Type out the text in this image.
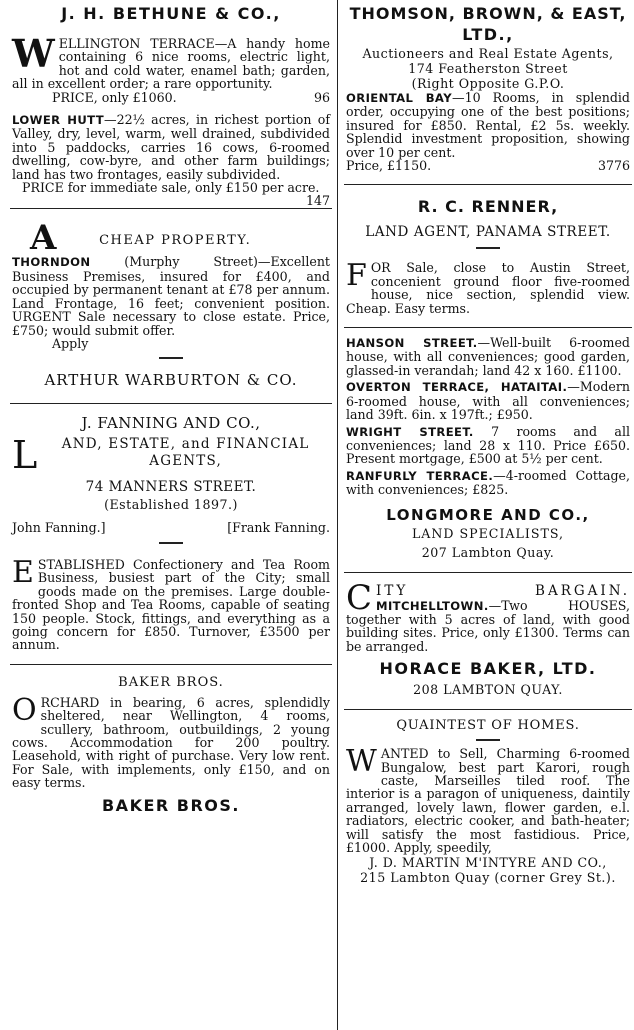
J. H. BETHUNE & CO.,
W ELLINGTON TERRACE—A handy home containing 6 nice rooms, electric light, hot and cold water, enamel bath; garden, all in excellent order; a rare opportunity.

PRICE, only £1060.	96

LOWER HUTT—22½ acres, in richest portion of Valley, dry, level, warm, well drained, subdivided into 5 paddocks, carries 16 cows, 6-roomed dwelling, cow-byre, and other farm buildings; land has two frontages, easily subdivided.

PRICE for immediate sale, only £150 per acre.
147

A	CHEAP PROPERTY.

THORNDON	(Murphy Street)—Excellent Business Premises, insured for £400, and occupied by permanent tenant at £78 per annum. Land Frontage, 16 feet; convenient position. URGENT Sale necessary to close estate. Price, £750; would submit offer.

Apply

ARTHUR WARBURTON & CO.
J. FANNING AND CO.,
L	AND, ESTATE, and FINANCIAL AGENTS,
74 MANNERS STREET.
(Established 1897.)
John Fanning.]	[Frank Fanning.
E STABLISHED Confectionery and Tea Room Business, busiest part of the City; small goods made on the premises. Large double-fronted Shop and Tea Rooms, capable of seating 150 people. Stock, fittings, and everything as a going concern for £850. Turnover, £3500 per annum.

BAKER BROS.
O RCHARD in bearing, 6 acres, splendidly sheltered, near Wellington, 4 rooms, scullery, bathroom, outbuildings, 2 young cows. Accommodation for 200 poultry. Leasehold, with right of purchase. Very low rent. For Sale, with implements, only £150, and on easy terms.

BAKER BROS.
THOMSON, BROWN, & EAST,
LTD.,
Auctioneers and Real Estate Agents,
174 Featherston Street
(Right Opposite G.P.O.

ORIENTAL BAY—10 Rooms, in splendid order, occupying one of the best positions; insured for £850. Rental, £2 5s. weekly. Splendid investment proposition, showing over 10 per cent.

Price, £1150.	3776

R. C. RENNER,
LAND AGENT, PANAMA STREET.
F OR Sale, close to Austin Street, concenient ground floor five-roomed house, nice section, splendid view. Cheap. Easy terms.

HANSON STREET.—Well-built 6-roomed house, with all conveniences; good garden, glassed-in verandah; land 42 x 160. £1100.

OVERTON TERRACE, HATAITAI.—Modern 6-roomed house, with all conveniences; land 39ft. 6in. x 197ft.; £950.

WRIGHT STREET. 7 rooms and all conveniences; land 28 x 110. Price £650. Present mortgage, £500 at 5½ per cent.

RANFURLY TERRACE.—4-roomed Cottage, with conveniences; £825.

LONGMORE AND CO.,
LAND SPECIALISTS,
207 Lambton Quay.
C ITY	BARGAIN.

MITCHELLTOWN.—Two HOUSES, together with 5 acres of land, with good building sites. Price, only £1300. Terms can be arranged.

HORACE BAKER, LTD.
208 LAMBTON QUAY.
QUAINTEST OF HOMES.
W ANTED to Sell, Charming 6-roomed Bungalow, best part Karori, rough caste, Marseilles tiled roof. The interior is a paragon of uniqueness, daintily arranged, lovely lawn, flower garden, e.l. radiators, electric cooker, and bath-heater; will satisfy the most fastidious. Price, £1000. Apply, speedily,

J. D. MARTIN M'INTYRE AND CO.,
215 Lambton Quay (corner Grey St.).
